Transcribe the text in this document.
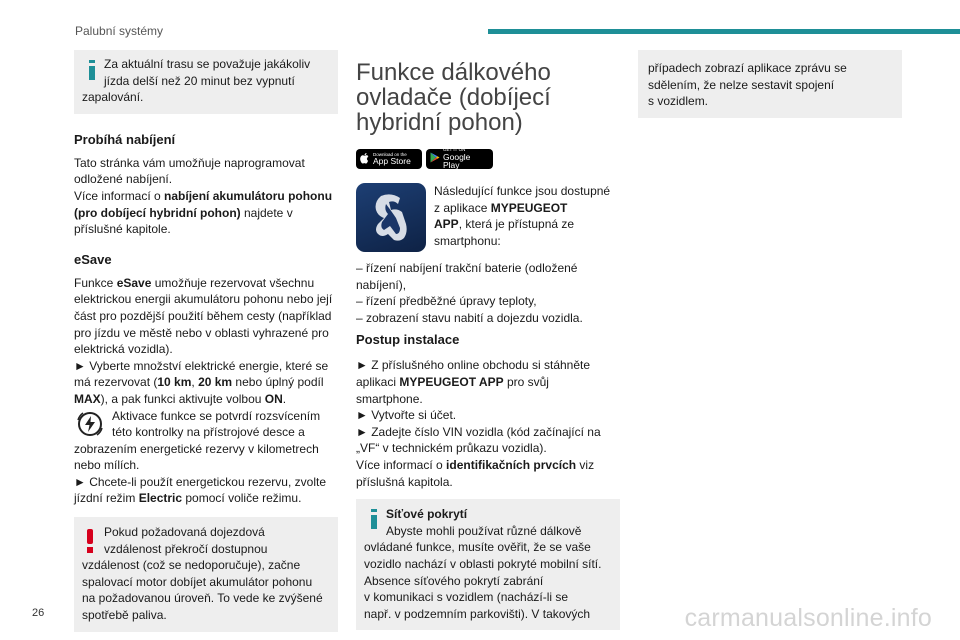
Palubní systémy

Za aktuální trasu se považuje jakákoliv

jízda delší než 20 minut bez vypnutí

zapalování.

Probíhá nabíjení

Tato stránka vám umožňuje naprogramovat

odložené nabíjení.

Více informací o nabíjení akumulátoru pohonu

(pro dobíjecí hybridní pohon) najdete v

příslušné kapitole.

eSave

Funkce eSave umožňuje rezervovat všechnu

elektrickou energii akumulátoru pohonu nebo její

část pro pozdější použití během cesty (například

pro jízdu ve městě nebo v oblasti vyhrazené pro

elektrická vozidla).

► Vyberte množství elektrické energie, které se

má rezervovat (10 km, 20 km nebo úplný podíl

MAX), a pak funkci aktivujte volbou ON.

Aktivace funkce se potvrdí rozsvícením

této kontrolky na přístrojové desce a

zobrazením energetické rezervy v kilometrech

nebo mílích.

► Chcete-li použít energetickou rezervu, zvolte

jízdní režim Electric pomocí voliče režimu.

Pokud požadovaná dojezdová

vzdálenost překročí dostupnou

vzdálenost (což se nedoporučuje), začne

spalovací motor dobíjet akumulátor pohonu

na požadovanou úroveň. To vede ke zvýšené

spotřebě paliva.

Funkce dálkového
ovladače (dobíjecí
hybridní pohon)
Download on the
App Store
GET IT ON
Google Play

Následující funkce jsou dostupné

z aplikace MYPEUGEOT

APP, která je přístupná ze

smartphonu:

– řízení nabíjení trakční baterie (odložené

nabíjení),

– řízení předběžné úpravy teploty,

– zobrazení stavu nabití a dojezdu vozidla.

Postup instalace

► Z příslušného online obchodu si stáhněte

aplikaci MYPEUGEOT APP pro svůj

smartphone.

► Vytvořte si účet.

► Zadejte číslo VIN vozidla (kód začínající na

„VF“ v technickém průkazu vozidla).

Více informací o identifikačních prvcích viz

příslušná kapitola.

Síťové pokrytí

Abyste mohli používat různé dálkově

ovládané funkce, musíte ověřit, že se vaše

vozidlo nachází v oblasti pokryté mobilní sítí.

Absence síťového pokrytí zabrání

v komunikaci s vozidlem (nachází-li se

např. v podzemním parkovišti). V takových

případech zobrazí aplikace zprávu se

sdělením, že nelze sestavit spojení

s vozidlem.

26	carmanualsonline.info
